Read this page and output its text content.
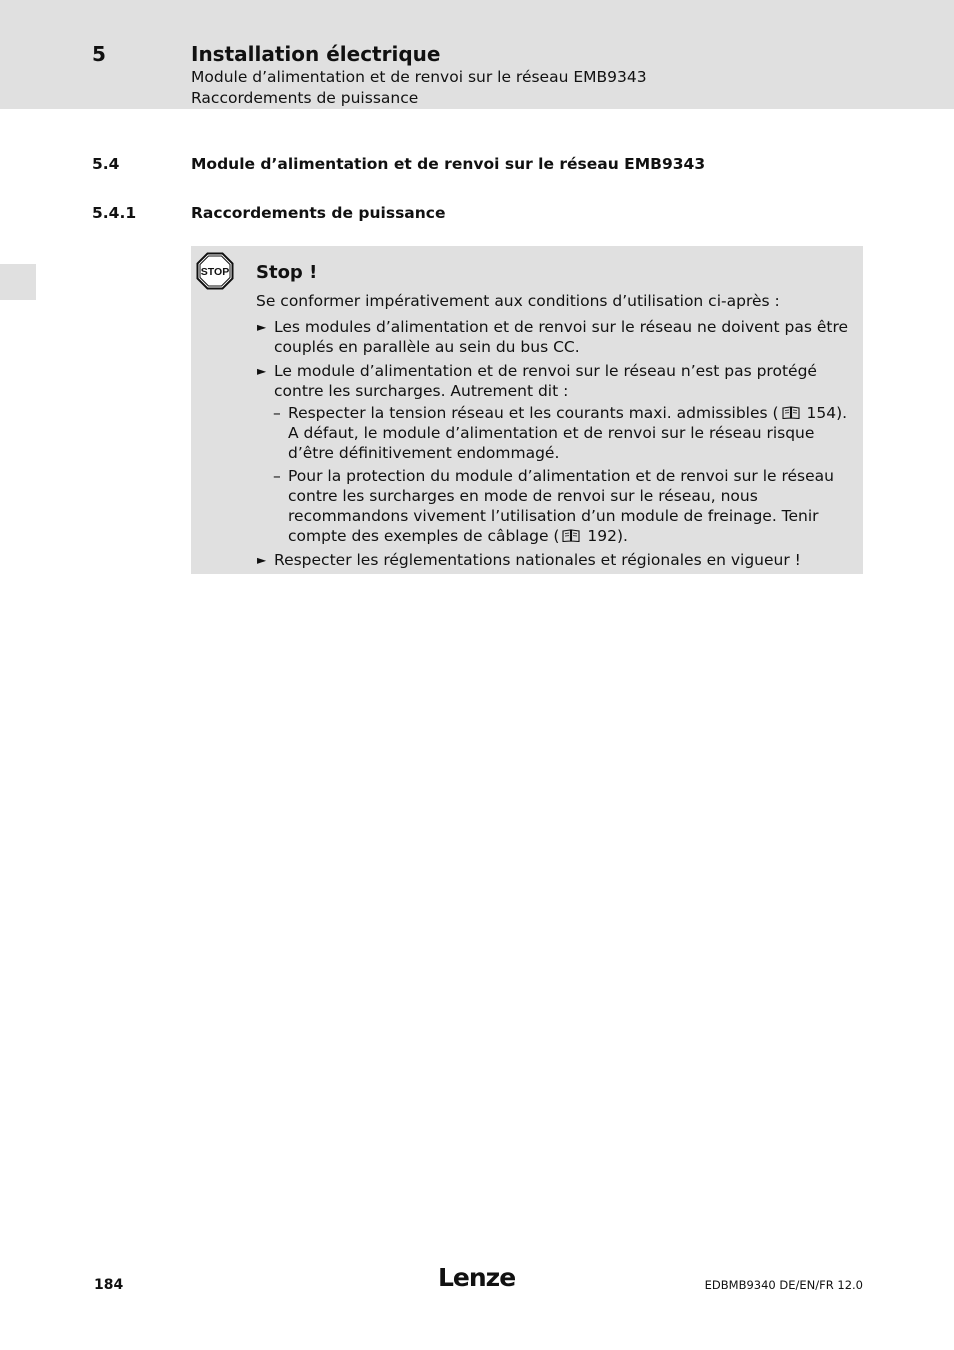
5	Installation électrique
Module d’alimentation et de renvoi sur le réseau EMB9343
Raccordements de puissance
5.4	Module d’alimentation et de renvoi sur le réseau EMB9343
5.4.1	Raccordements de puissance
STOP Stop !
Se conformer impérativement aux conditions d’utilisation ci-après :
► Les modules d’alimentation et de renvoi sur le réseau ne doivent pas être couplés en parallèle au sein du bus CC.
► Le module d’alimentation et de renvoi sur le réseau n’est pas protégé contre les surcharges. Autrement dit :
– Respecter la tension réseau et les courants maxi. admissibles ( 154). A défaut, le module d’alimentation et de renvoi sur le réseau risque d’être définitivement endommagé.
– Pour la protection du module d’alimentation et de renvoi sur le réseau contre les surcharges en mode de renvoi sur le réseau, nous recommandons vivement l’utilisation d’un module de freinage. Tenir compte des exemples de câblage ( 192).
► Respecter les réglementations nationales et régionales en vigueur !
184	Lenze	EDBMB9340 DE/EN/FR 12.0
